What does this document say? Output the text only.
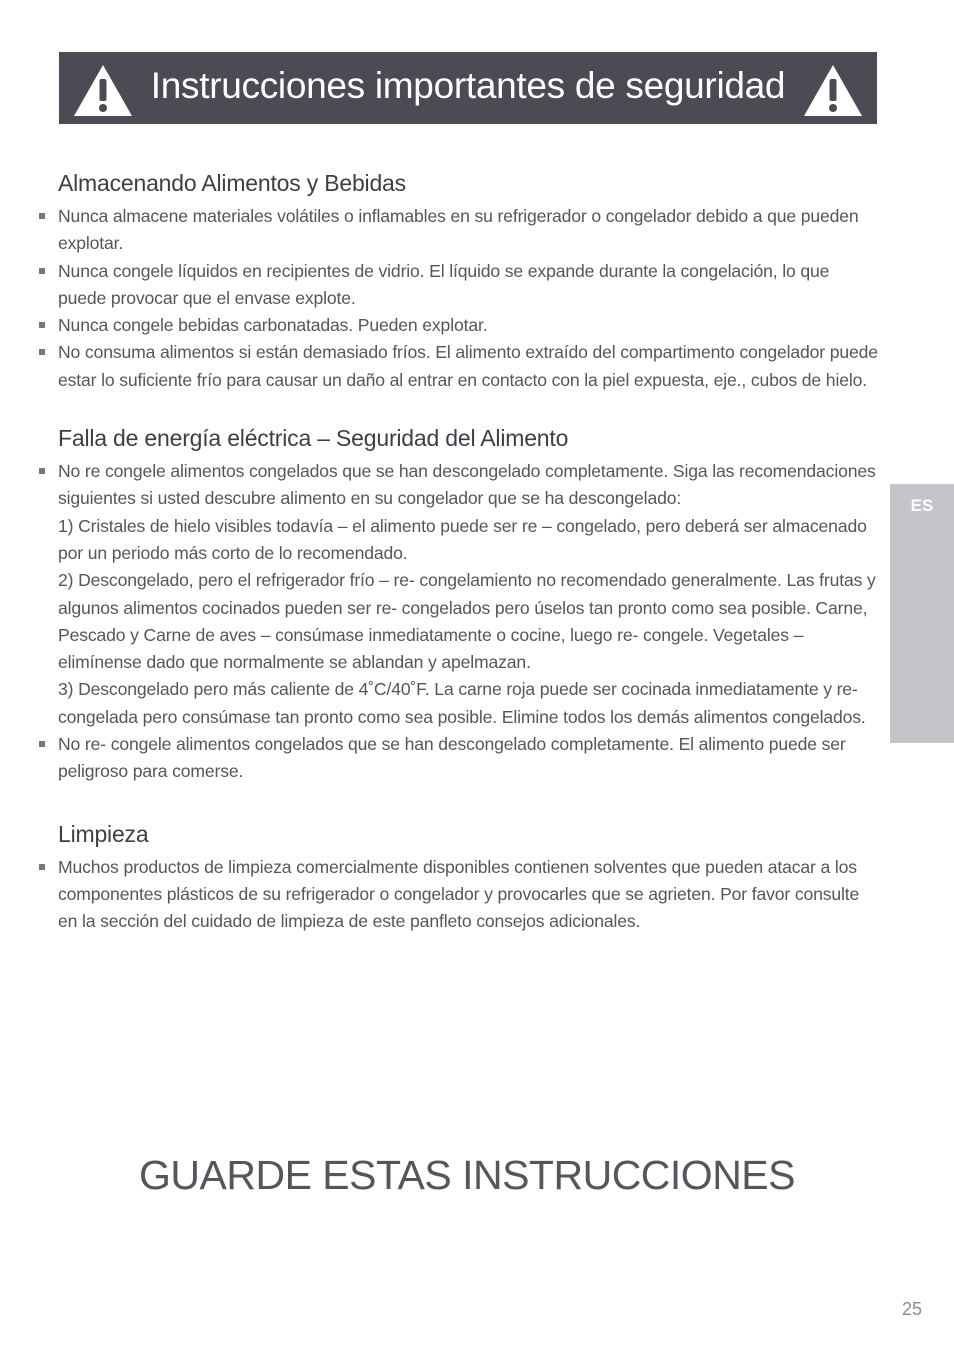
Instrucciones importantes de seguridad
Almacenando Alimentos y Bebidas
Nunca almacene materiales volátiles o inflamables en su refrigerador o congelador debido a que pueden explotar.
Nunca congele líquidos en recipientes de vidrio. El líquido se expande durante la congelación, lo que puede provocar que el envase explote.
Nunca congele bebidas carbonatadas. Pueden explotar.
No consuma alimentos si están demasiado fríos. El alimento extraído del compartimento congelador puede estar lo suficiente frío para causar un daño al entrar en contacto con la piel expuesta, eje., cubos de hielo.
Falla de energía eléctrica – Seguridad del Alimento
No re congele alimentos congelados que se han descongelado completamente. Siga las recomendaciones siguientes si usted descubre alimento en su congelador que se ha descongelado:
1) Cristales de hielo visibles todavía – el alimento puede ser re – congelado, pero deberá ser almacenado por un periodo más corto de lo recomendado.
2) Descongelado, pero el refrigerador frío – re- congelamiento no recomendado generalmente. Las frutas y algunos alimentos cocinados pueden ser re- congelados pero úselos tan pronto como sea posible. Carne, Pescado y Carne de aves – consúmase inmediatamente o cocine, luego re- congele. Vegetales – elimínense dado que normalmente se ablandan y apelmazan.
3) Descongelado pero más caliente de 4˚C/40˚F. La carne roja puede ser cocinada inmediatamente y re- congelada pero consúmase tan pronto como sea posible. Elimine todos los demás alimentos congelados.
No re- congele alimentos congelados que se han descongelado completamente. El alimento puede ser peligroso para comerse.
Limpieza
Muchos productos de limpieza comercialmente disponibles contienen solventes que pueden atacar a los componentes plásticos de su refrigerador o congelador y provocarles que se agrieten. Por favor consulte en la sección del cuidado de limpieza de este panfleto consejos adicionales.
GUARDE ESTAS INSTRUCCIONES
ES
25
